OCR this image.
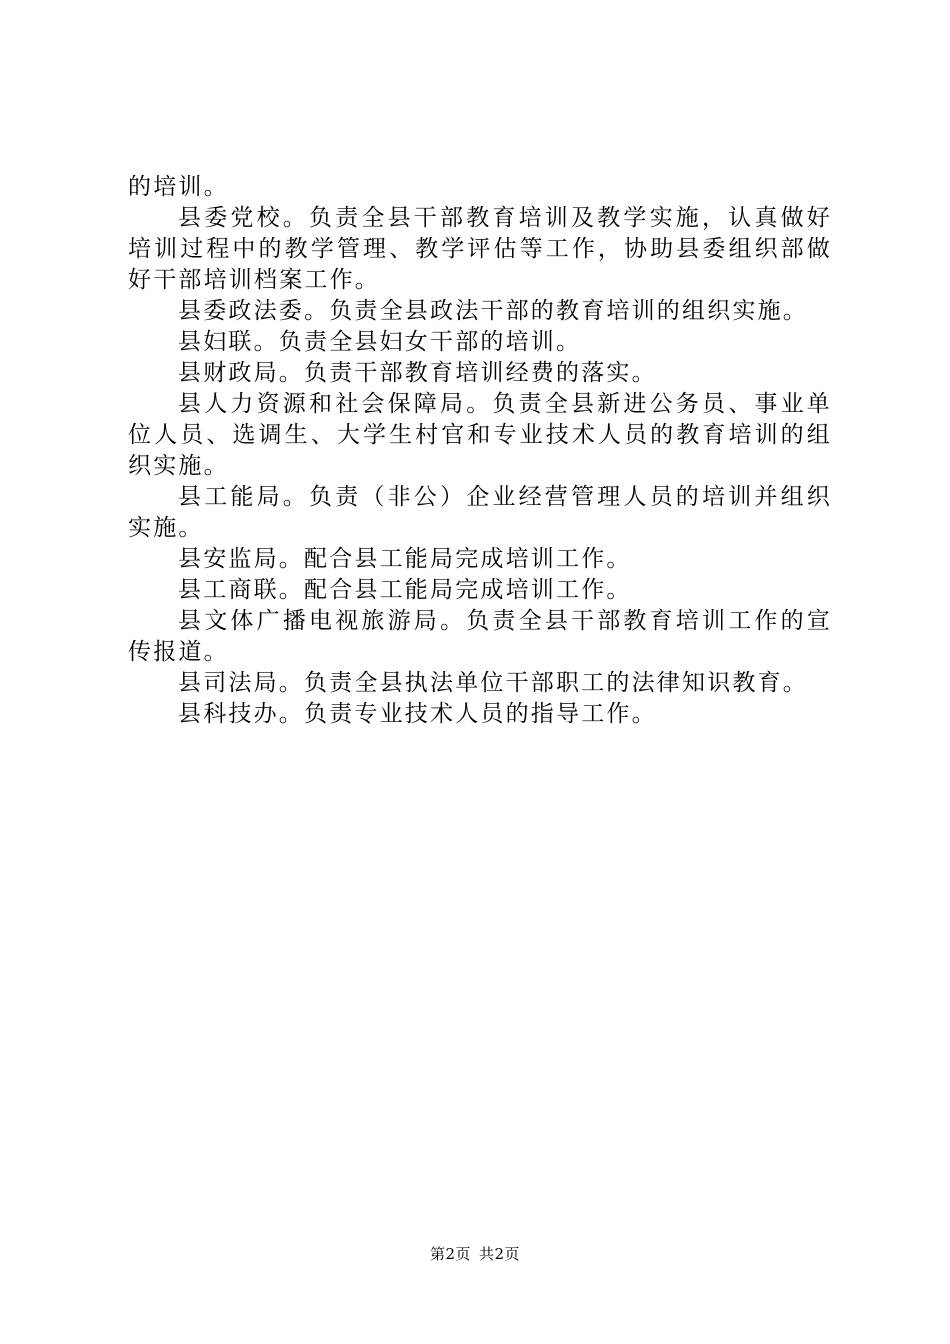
的培训。

县委党校。负责全县干部教育培训及教学实施，认真做好培训过程中的教学管理、教学评估等工作，协助县委组织部做好干部培训档案工作。

县委政法委。负责全县政法干部的教育培训的组织实施。

县妇联。负责全县妇女干部的培训。

县财政局。负责干部教育培训经费的落实。

县人力资源和社会保障局。负责全县新进公务员、事业单位人员、选调生、大学生村官和专业技术人员的教育培训的组织实施。

县工能局。负责（非公）企业经营管理人员的培训并组织实施。

县安监局。配合县工能局完成培训工作。

县工商联。配合县工能局完成培训工作。

县文体广播电视旅游局。负责全县干部教育培训工作的宣传报道。

县司法局。负责全县执法单位干部职工的法律知识教育。

县科技办。负责专业技术人员的指导工作。

第2页 共2页
